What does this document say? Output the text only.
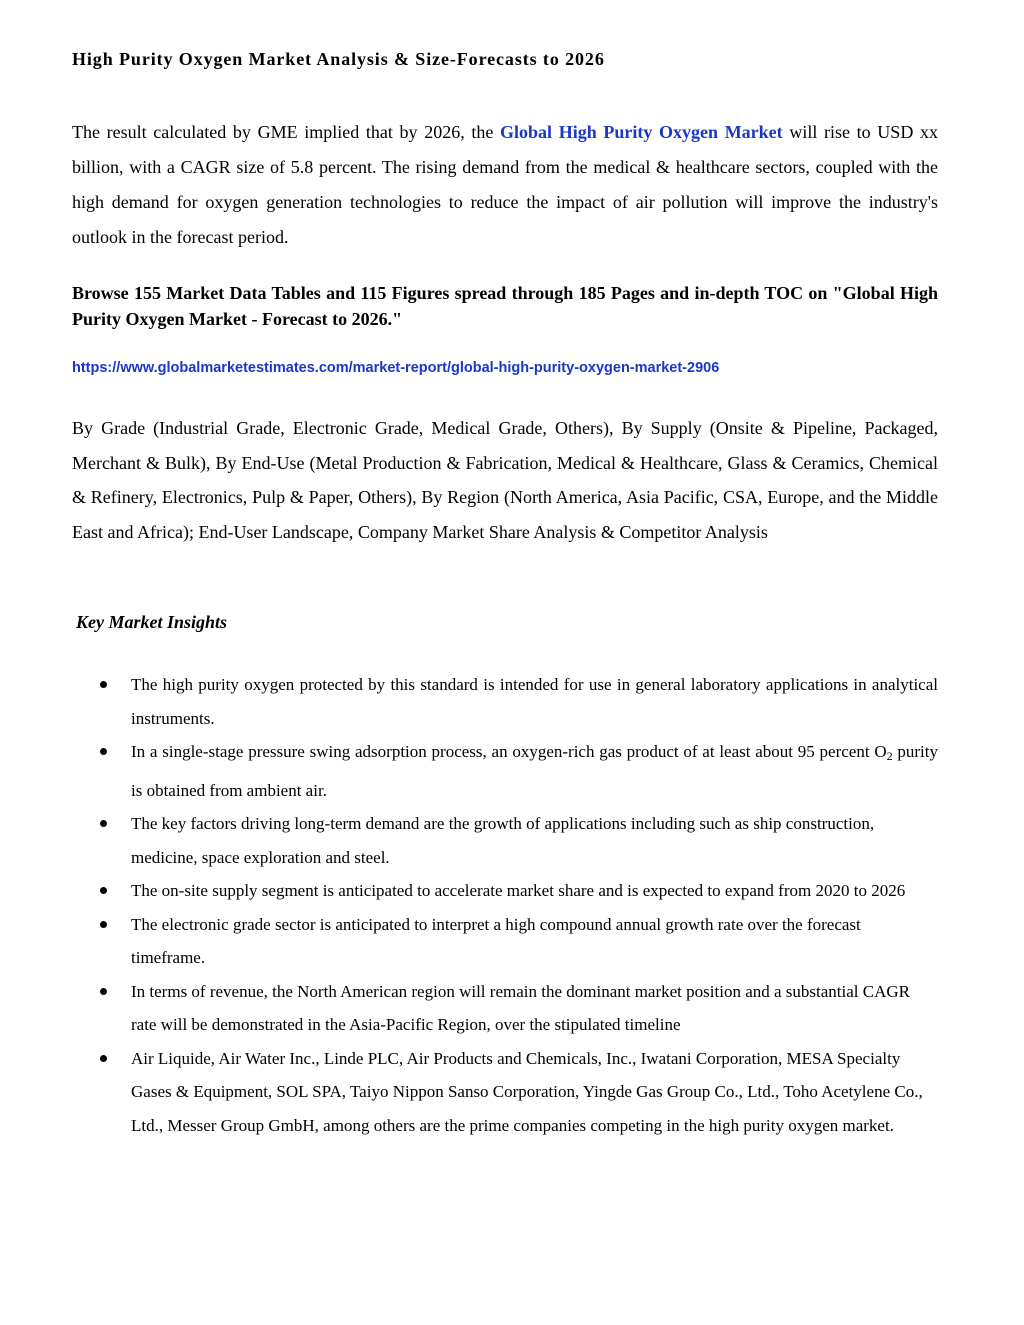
High Purity Oxygen Market Analysis & Size-Forecasts to 2026

The result calculated by GME implied that by 2026, the Global High Purity Oxygen Market will rise to USD xx billion, with a CAGR size of 5.8 percent. The rising demand from the medical & healthcare sectors, coupled with the high demand for oxygen generation technologies to reduce the impact of air pollution will improve the industry's outlook in the forecast period.

Browse 155 Market Data Tables and 115 Figures spread through 185 Pages and in-depth TOC on "Global High Purity Oxygen Market - Forecast to 2026."

https://www.globalmarketestimates.com/market-report/global-high-purity-oxygen-market-2906

By Grade (Industrial Grade, Electronic Grade, Medical Grade, Others), By Supply (Onsite & Pipeline, Packaged, Merchant & Bulk), By End-Use (Metal Production & Fabrication, Medical & Healthcare, Glass & Ceramics, Chemical & Refinery, Electronics, Pulp & Paper, Others), By Region (North America, Asia Pacific, CSA, Europe, and the Middle East and Africa); End-User Landscape, Company Market Share Analysis & Competitor Analysis

Key Market Insights
The high purity oxygen protected by this standard is intended for use in general laboratory applications in analytical instruments.
In a single-stage pressure swing adsorption process, an oxygen-rich gas product of at least about 95 percent $O_2$ purity is obtained from ambient air.
The key factors driving long-term demand are the growth of applications including such as ship construction, medicine, space exploration and steel.
The on-site supply segment is anticipated to accelerate market share and is expected to expand from 2020 to 2026
The electronic grade sector is anticipated to interpret a high compound annual growth rate over the forecast timeframe.
In terms of revenue, the North American region will remain the dominant market position and a substantial CAGR rate will be demonstrated in the Asia-Pacific Region, over the stipulated timeline
Air Liquide, Air Water Inc., Linde PLC, Air Products and Chemicals, Inc., Iwatani Corporation, MESA Specialty Gases & Equipment, SOL SPA, Taiyo Nippon Sanso Corporation, Yingde Gas Group Co., Ltd., Toho Acetylene Co., Ltd., Messer Group GmbH, among others are the prime companies competing in the high purity oxygen market.
